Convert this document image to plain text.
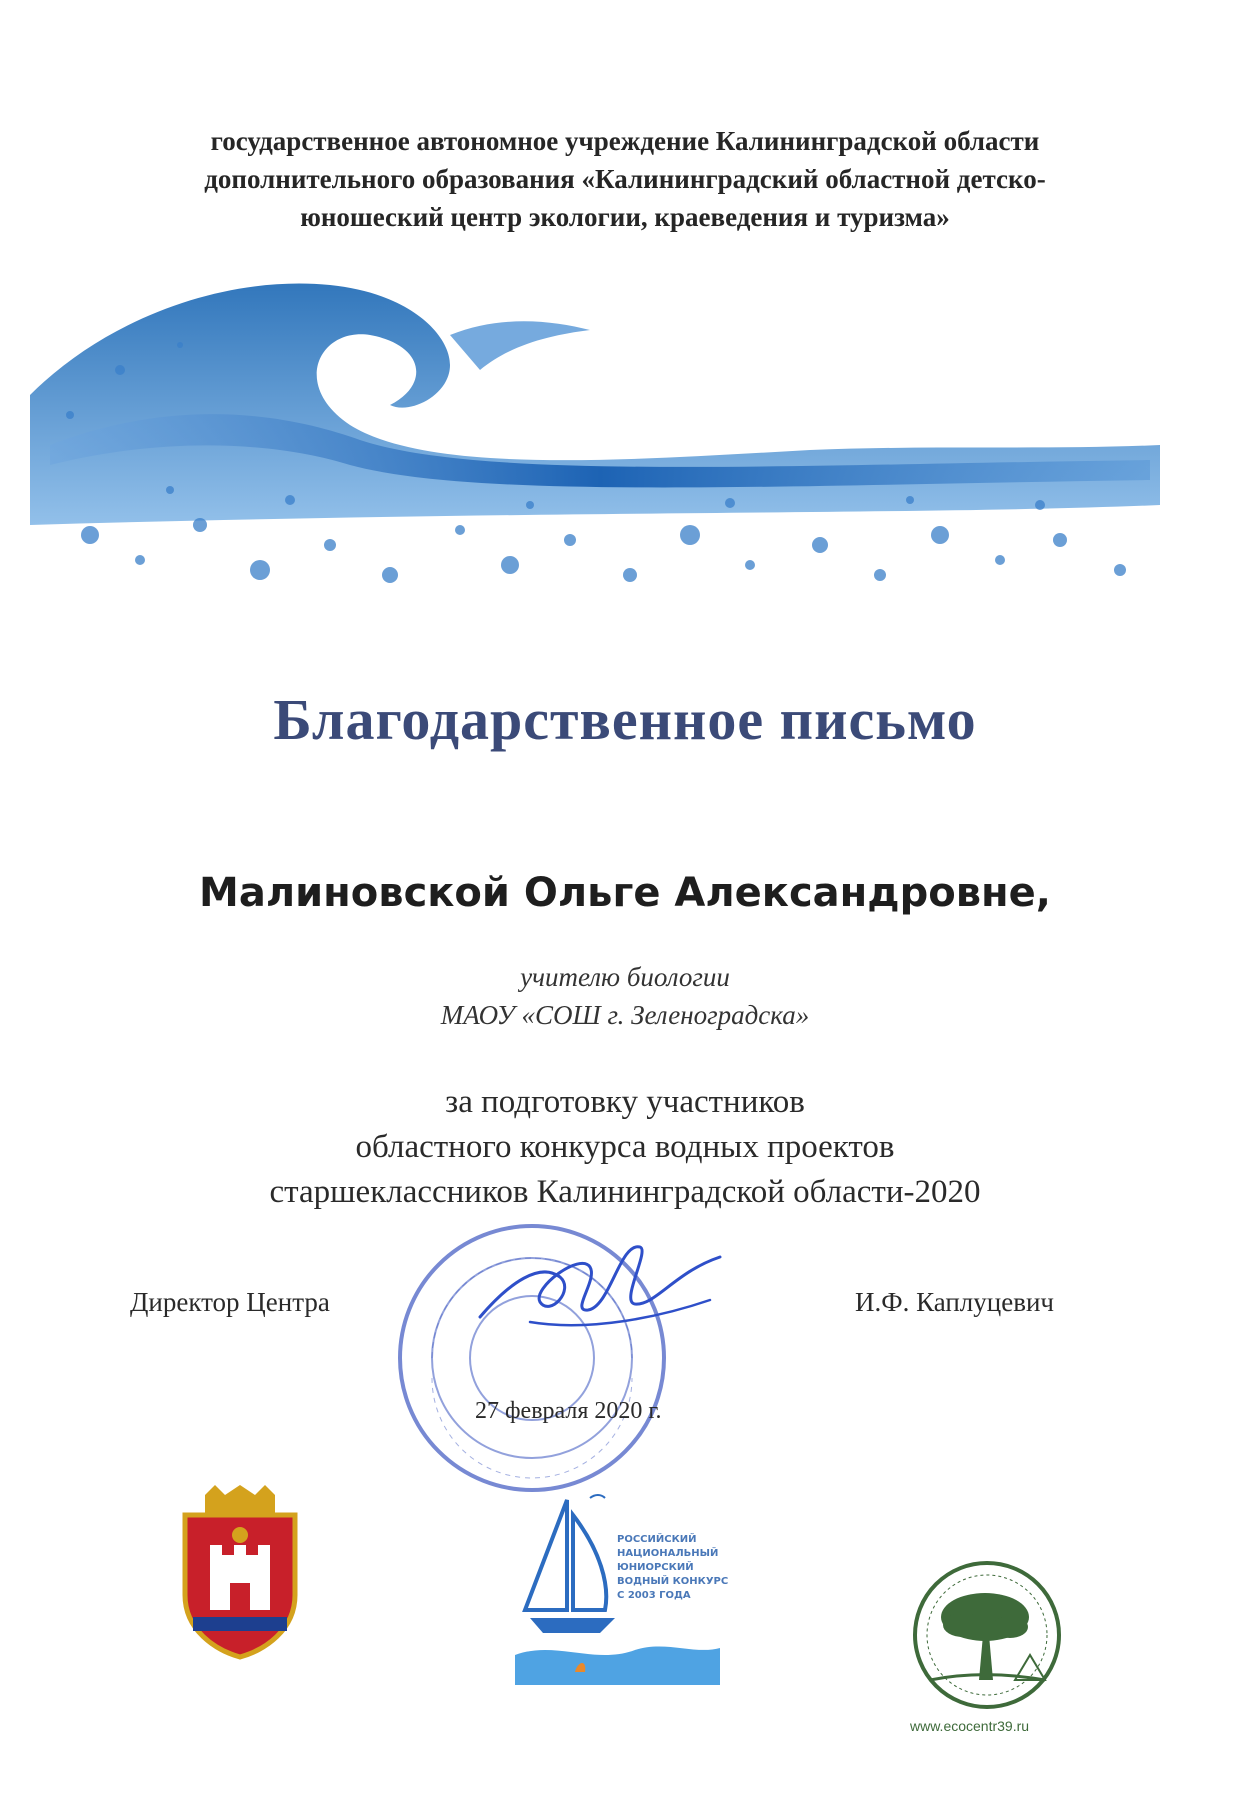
государственное автономное учреждение Калининградской области
дополнительного образования «Калининградский областной детско-
юношеский центр экологии, краеведения и туризма»
Благодарственное письмо
Малиновской Ольге Александровне,
учителю биологии
МАОУ «СОШ г. Зеленоградска»
за подготовку участников
областного конкурса водных проектов
старшеклассников Калининградской области-2020
Директор Центра	И.Ф. Каплуцевич
27 февраля 2020 г.
РОССИЙСКИЙ
НАЦИОНАЛЬНЫЙ
ЮНИОРСКИЙ
ВОДНЫЙ КОНКУРС
С 2003 ГОДА
www.ecocentr39.ru
